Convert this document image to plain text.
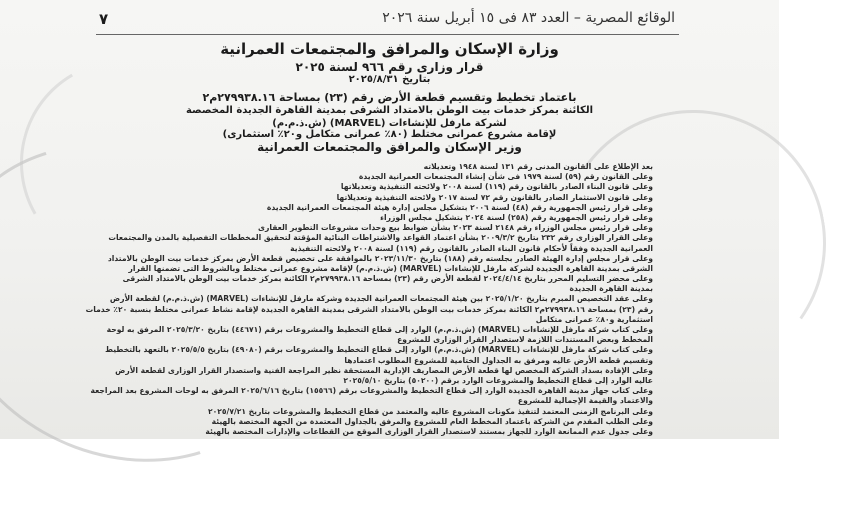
٧	الوقائع المصرية – العدد ٨٣ فى ١٥ أبريل سنة ٢٠٢٦
وزارة الإسكان والمرافق والمجتمعات العمرانية
قرار وزارى رقم ٩٦٦ لسنة ٢٠٢٥
بتاريخ ٢٠٢٥/٨/٣١
باعتماد تخطيط وتقسيم قطعة الأرض رقم (٢٣) بمساحة ٢٧٩٩٣٨.١٦م٢
الكائنة بمركز خدمات بيت الوطن بالامتداد الشرقى بمدينة القاهرة الجديدة المخصصة
لشركة مارفل للإنشاءات (MARVEL) (ش.ذ.م.م)
لإقامة مشروع عمرانى مختلط (٨٠٪ عمرانى متكامل و٢٠٪ استثمارى)
وزير الإسكان والمرافق والمجتمعات العمرانية
بعد الإطلاع على القانون المدنى رقم ١٣١ لسنة ١٩٤٨ وتعديلاته
وعلى القانون رقم (٥٩) لسنة ١٩٧٩ فى شأن إنشاء المجتمعات العمرانية الجديدة
وعلى قانون البناء الصادر بالقانون رقم (١١٩) لسنة ٢٠٠٨ ولائحته التنفيذية وتعديلاتها
وعلى قانون الاستثمار الصادر بالقانون رقم ٧٢ لسنة ٢٠١٧ ولائحته التنفيذية وتعديلاتها
وعلى قرار رئيس الجمهورية رقم (٤٨) لسنة ٢٠٠٦ بتشكيل مجلس إدارة هيئة المجتمعات العمرانية الجديدة
وعلى قرار رئيس الجمهورية رقم (٢٥٨) لسنة ٢٠٢٤ بتشكيل مجلس الوزراء
وعلى قرار رئيس مجلس الوزراء رقم ٢١٤٨ لسنة ٢٠٢٣ بشأن ضوابط بيع وحدات مشروعات التطوير العقارى
وعلى القرار الوزارى رقم ٢٣٢ بتاريخ ٢٠٠٩/٣/٢ بشأن اعتماد القواعد والاشتراطات البنائية المؤقتة لتحقيق المخططات التفصيلية بالمدن والمجتمعات
العمرانية الجديدة وفقاً لأحكام قانون البناء الصادر بالقانون رقم (١١٩) لسنة ٢٠٠٨ ولائحته التنفيذية
وعلى قرار مجلس إدارة الهيئة الصادر بجلسته رقم (١٨٨) بتاريخ ٢٠٢٣/١١/٣٠ بالموافقة على تخصيص قطعة الأرض بمركز خدمات بيت الوطن بالامتداد
الشرقى بمدينة القاهرة الجديدة لشركة مارفل للإنشاءات (MARVEL) (ش.ذ.م.م) لإقامة مشروع عمرانى مختلط وبالشروط التى تضمنها القرار
وعلى محضر التسليم المحرر بتاريخ ٢٠٢٤/٤/١٤ لقطعة الأرض رقم (٢٣) بمساحة ٢٧٩٩٣٨.١٦م٢ الكائنة بمركز خدمات بيت الوطن بالامتداد الشرقى
بمدينة القاهرة الجديدة
وعلى عقد التخصيص المبرم بتاريخ ٢٠٢٥/١/٢٠ بين هيئة المجتمعات العمرانية الجديدة وشركة مارفل للإنشاءات (MARVEL) (ش.ذ.م.م) لقطعة الأرض
رقم (٢٣) بمساحة ٢٧٩٩٣٨.١٦م٢ الكائنة بمركز خدمات بيت الوطن بالامتداد الشرقى بمدينة القاهرة الجديدة لإقامة نشاط عمرانى مختلط بنسبة ٢٠٪ خدمات
استثمارية و٨٠٪ عمرانى متكامل
وعلى كتاب شركة مارفل للإنشاءات (MARVEL) (ش.ذ.م.م) الوارد إلى قطاع التخطيط والمشروعات برقم (٤٤٦٧١) بتاريخ ٢٠٢٥/٣/٢٠ المرفق به لوحة
المخطط وبعض المستندات اللازمة لاستصدار القرار الوزارى للمشروع
وعلى كتاب شركة مارفل للإنشاءات (MARVEL) (ش.ذ.م.م) الوارد إلى قطاع التخطيط والمشروعات برقم (٤٩٠٨٠) بتاريخ ٢٠٢٥/٥/٥ بالتعهد بالتخطيط
وتقسيم قطعة الأرض عاليه ومرفق به الجداول الختامية للمشروع المطلوب اعتمادها
وعلى الإفادة بسداد الشركة المخصص لها قطعة الأرض المصاريف الإدارية المستحقة نظير المراجعة الفنية واستصدار القرار الوزارى لقطعة الأرض
عاليه الوارد إلى قطاع التخطيط والمشروعات الوارد برقم (٥٠٢٠٠) بتاريخ ٢٠٢٥/٥/١٠
وعلى كتاب جهاز مدينة القاهرة الجديدة الوارد إلى قطاع التخطيط والمشروعات برقم (١٥٥٦٦) بتاريخ ٢٠٢٥/٦/١٦ المرفق به لوحات المشروع بعد المراجعة
والاعتماد والقيمة الإجمالية للمشروع
وعلى البرنامج الزمنى المعتمد لتنفيذ مكونات المشروع عاليه والمعتمد من قطاع التخطيط والمشروعات بتاريخ ٢٠٢٥/٧/٢١
وعلى الطلب المقدم من الشركة باعتماد المخطط العام للمشروع والمرفق بالجداول المعتمدة من الجهة المختصة بالهيئة
وعلى جدول عدم الممانعة الوارد للجهاز بمستند لاستصدار القرار الوزارى الموقع من القطاعات والإدارات المختصة بالهيئة
